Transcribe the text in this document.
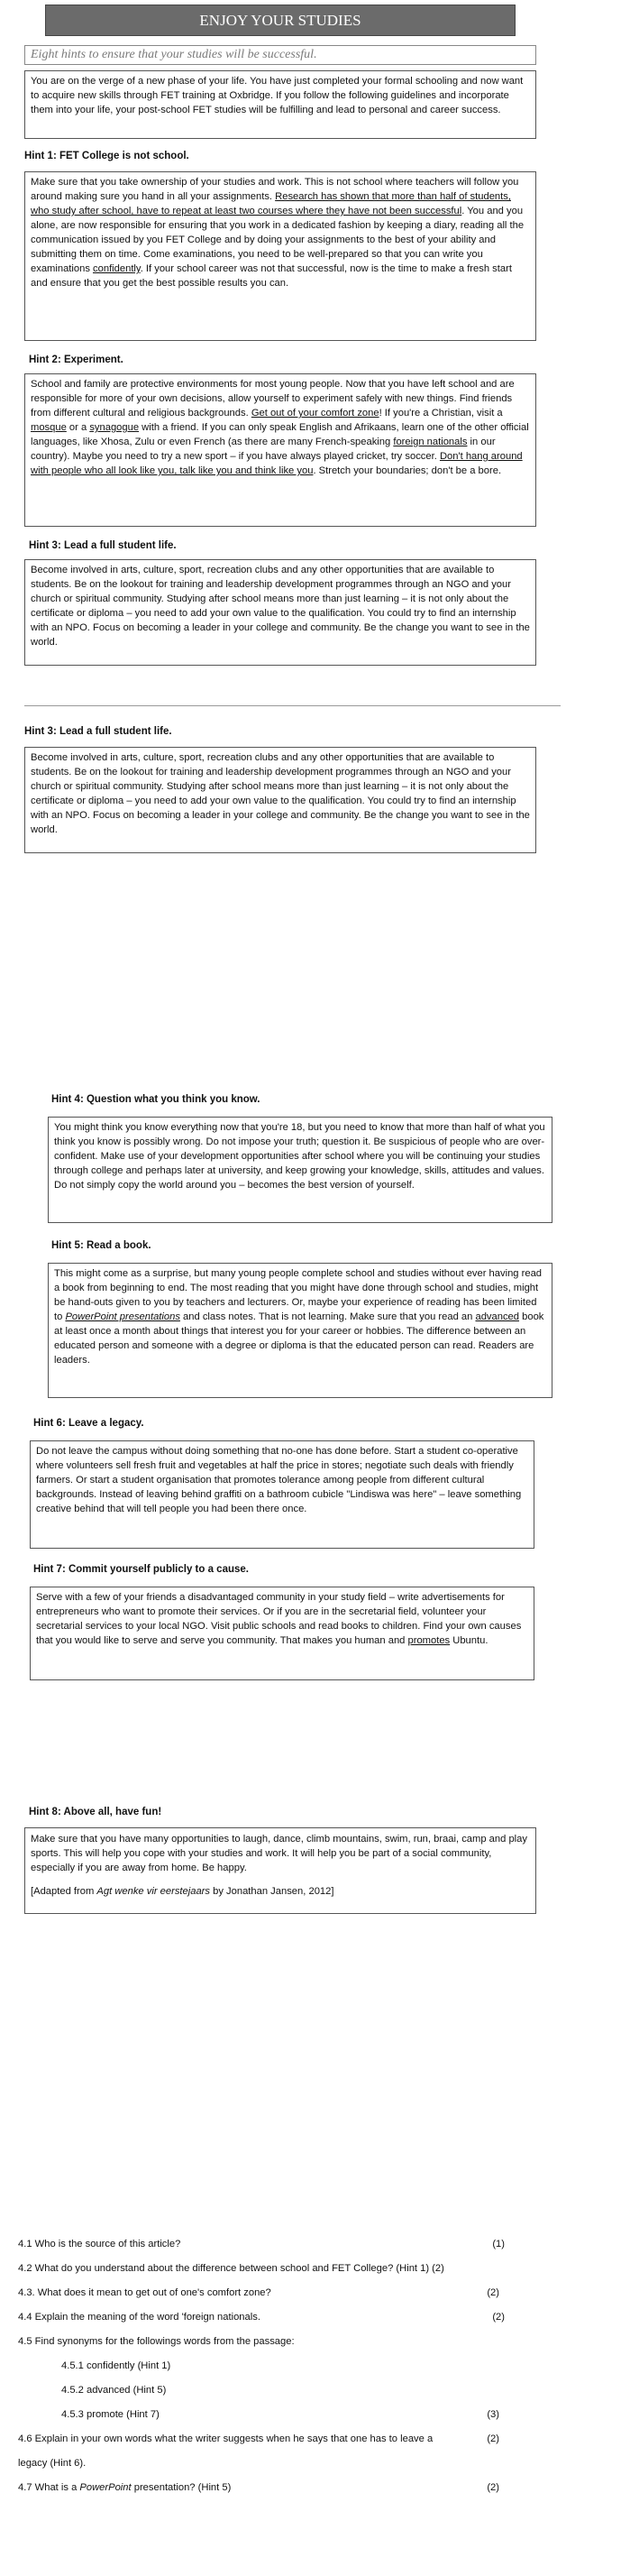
ENJOY YOUR STUDIES
Eight hints to ensure that your studies will be successful.

You are on the verge of a new phase of your life. You have just completed your formal schooling and now want to acquire new skills through FET training at Oxbridge. If you follow the following guidelines and incorporate them into your life, your post-school FET studies will be fulfilling and lead to personal and career success.

Hint 1: FET College is not school.

Make sure that you take ownership of your studies and work. This is not school where teachers will follow you around making sure you hand in all your assignments. Research has shown that more than half of students, who study after school, have to repeat at least two courses where they have not been successful. You and you alone, are now responsible for ensuring that you work in a dedicated fashion by keeping a diary, reading all the communication issued by you FET College and by doing your assignments to the best of your ability and submitting them on time. Come examinations, you need to be well-prepared so that you can write you examinations confidently. If your school career was not that successful, now is the time to make a fresh start and ensure that you get the best possible results you can.

Hint 2: Experiment.

School and family are protective environments for most young people. Now that you have left school and are responsible for more of your own decisions, allow yourself to experiment safely with new things. Find friends from different cultural and religious backgrounds. Get out of your comfort zone! If you're a Christian, visit a mosque or a synagogue with a friend. If you can only speak English and Afrikaans, learn one of the other official languages, like Xhosa, Zulu or even French (as there are many French-speaking foreign nationals in our country). Maybe you need to try a new sport – if you have always played cricket, try soccer. Don't hang around with people who all look like you, talk like you and think like you. Stretch your boundaries; don't be a bore.

Hint 3: Lead a full student life.

Become involved in arts, culture, sport, recreation clubs and any other opportunities that are available to students. Be on the lookout for training and leadership development programmes through an NGO and your church or spiritual community. Studying after school means more than just learning – it is not only about the certificate or diploma – you need to add your own value to the qualification. You could try to find an internship with an NPO. Focus on becoming a leader in your college and community. Be the change you want to see in the world.

Hint 3: Lead a full student life.

Become involved in arts, culture, sport, recreation clubs and any other opportunities that are available to students. Be on the lookout for training and leadership development programmes through an NGO and your church or spiritual community. Studying after school means more than just learning – it is not only about the certificate or diploma – you need to add your own value to the qualification. You could try to find an internship with an NPO. Focus on becoming a leader in your college and community. Be the change you want to see in the world.

Hint 4: Question what you think you know.

You might think you know everything now that you're 18, but you need to know that more than half of what you think you know is possibly wrong. Do not impose your truth; question it. Be suspicious of people who are over-confident. Make use of your development opportunities after school where you will be continuing your studies through college and perhaps later at university, and keep growing your knowledge, skills, attitudes and values. Do not simply copy the world around you – becomes the best version of yourself.

Hint 5: Read a book.

This might come as a surprise, but many young people complete school and studies without ever having read a book from beginning to end. The most reading that you might have done through school and studies, might be hand-outs given to you by teachers and lecturers. Or, maybe your experience of reading has been limited to PowerPoint presentations and class notes. That is not learning. Make sure that you read an advanced book at least once a month about things that interest you for your career or hobbies. The difference between an educated person and someone with a degree or diploma is that the educated person can read. Readers are leaders.

Hint 6: Leave a legacy.

Do not leave the campus without doing something that no-one has done before. Start a student co-operative where volunteers sell fresh fruit and vegetables at half the price in stores; negotiate such deals with friendly farmers. Or start a student organisation that promotes tolerance among people from different cultural backgrounds. Instead of leaving behind graffiti on a bathroom cubicle "Lindiswa was here" – leave something creative behind that will tell people you had been there once.

Hint 7: Commit yourself publicly to a cause.

Serve with a few of your friends a disadvantaged community in your study field – write advertisements for entrepreneurs who want to promote their services. Or if you are in the secretarial field, volunteer your secretarial services to your local NGO. Visit public schools and read books to children. Find your own causes that you would like to serve and serve you community. That makes you human and promotes Ubuntu.

Hint 8: Above all, have fun!
Make sure that you have many opportunities to laugh, dance, climb mountains, swim, run, braai, camp and play sports. This will help you cope with your studies and work. It will help you be part of a social community, especially if you are away from home. Be happy.
[Adapted from Agt wenke vir eerstejaars by Jonathan Jansen, 2012]
4.1 Who is the source of this article?	(1)
4.2 What do you understand about the difference between school and FET College? (Hint 1) (2)
4.3. What does it mean to get out of one's comfort zone?	(2)
4.4 Explain the meaning of the word 'foreign nationals.	(2)
4.5 Find synonyms for the followings words from the passage:
4.5.1 confidently (Hint 1)
4.5.2 advanced (Hint 5)
4.5.3 promote (Hint 7)	(3)
4.6 Explain in your own words what the writer suggests when he says that one has to leave a	(2)
legacy (Hint 6).
4.7 What is a PowerPoint presentation? (Hint 5)	(2)
